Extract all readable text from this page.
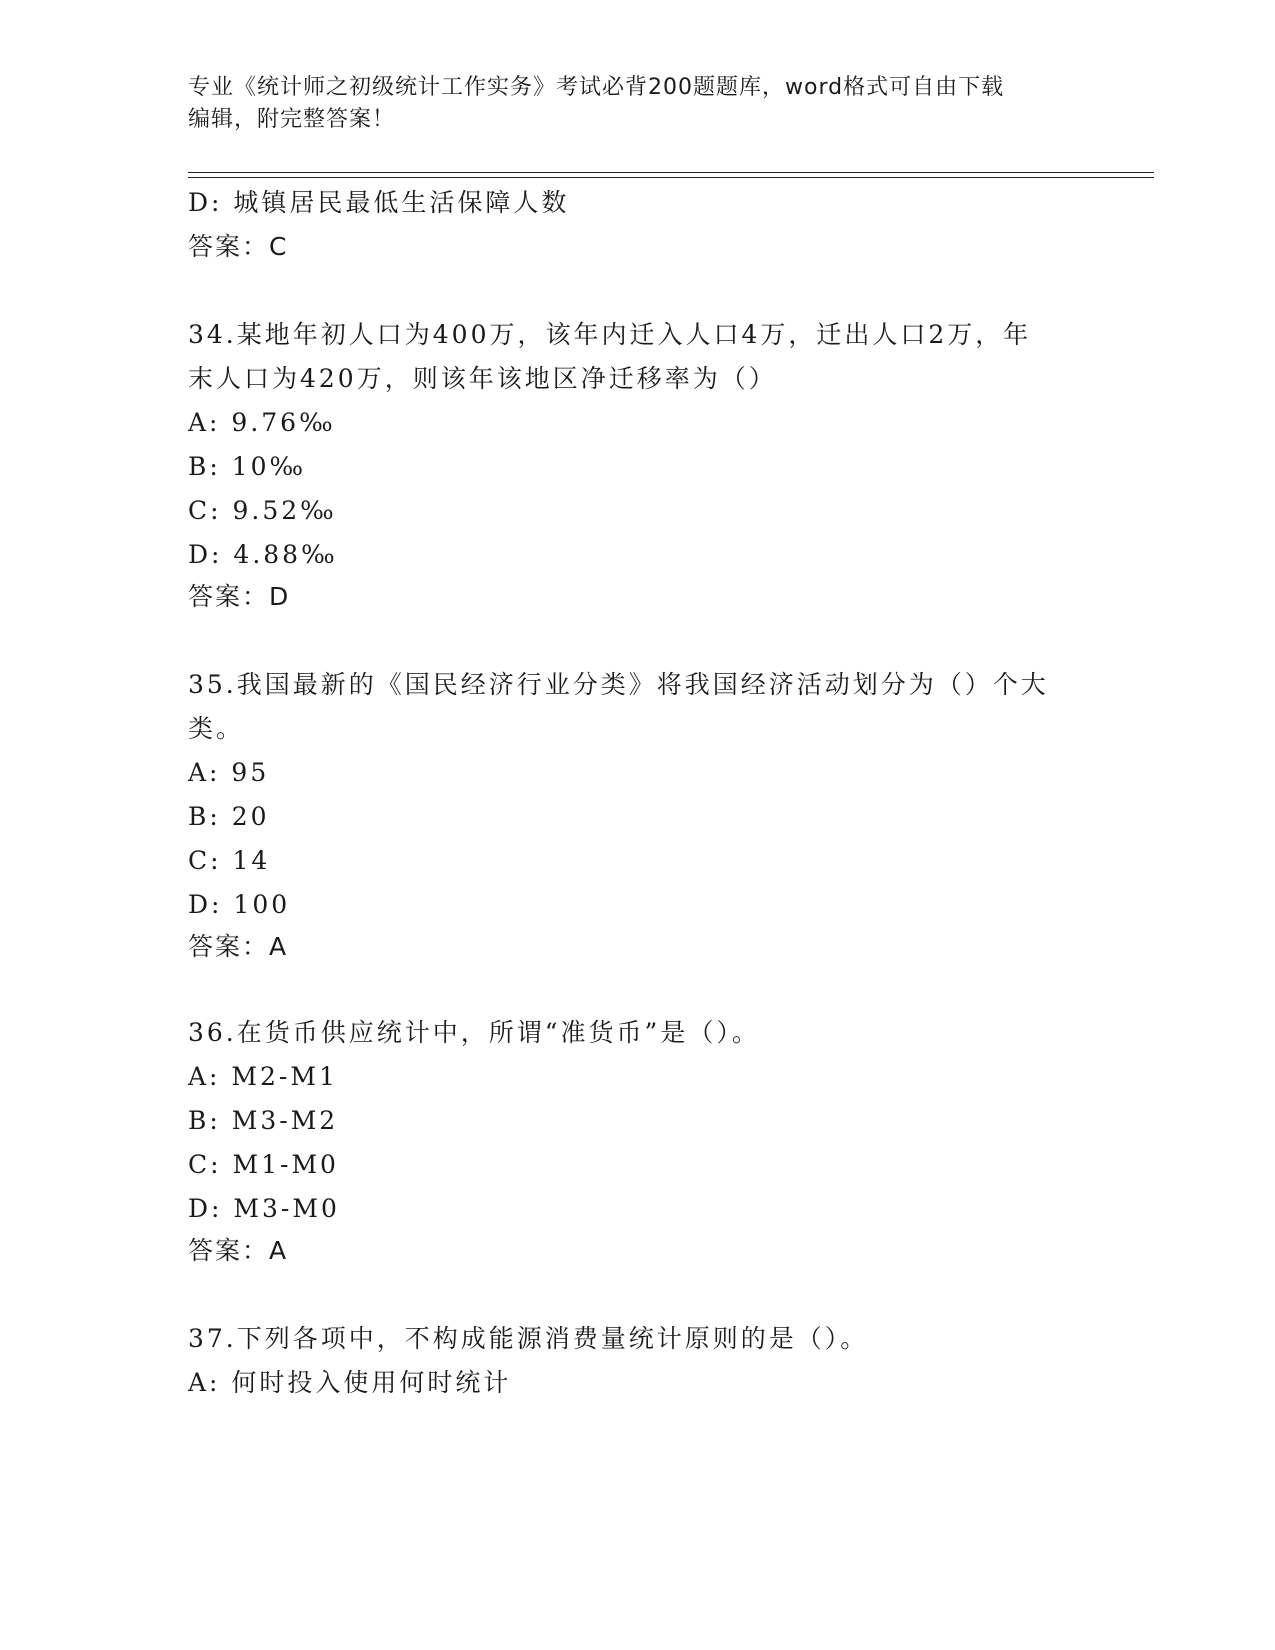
专业《统计师之初级统计工作实务》考试必背200题题库，word格式可自由下载
编辑，附完整答案！
D: 城镇居民最低生活保障人数
答案：C
34.某地年初人口为400万，该年内迁入人口4万，迁出人口2万，年
末人口为420万，则该年该地区净迁移率为（）
A: 9.76‰
B: 10‰
C: 9.52‰
D: 4.88‰
答案：D
35.我国最新的《国民经济行业分类》将我国经济活动划分为（）个大
类。
A: 95
B: 20
C: 14
D: 100
答案：A
36.在货币供应统计中，所谓“准货币”是（）。
A: M2-M1
B: M3-M2
C: M1-M0
D: M3-M0
答案：A
37.下列各项中，不构成能源消费量统计原则的是（）。
A: 何时投入使用何时统计
